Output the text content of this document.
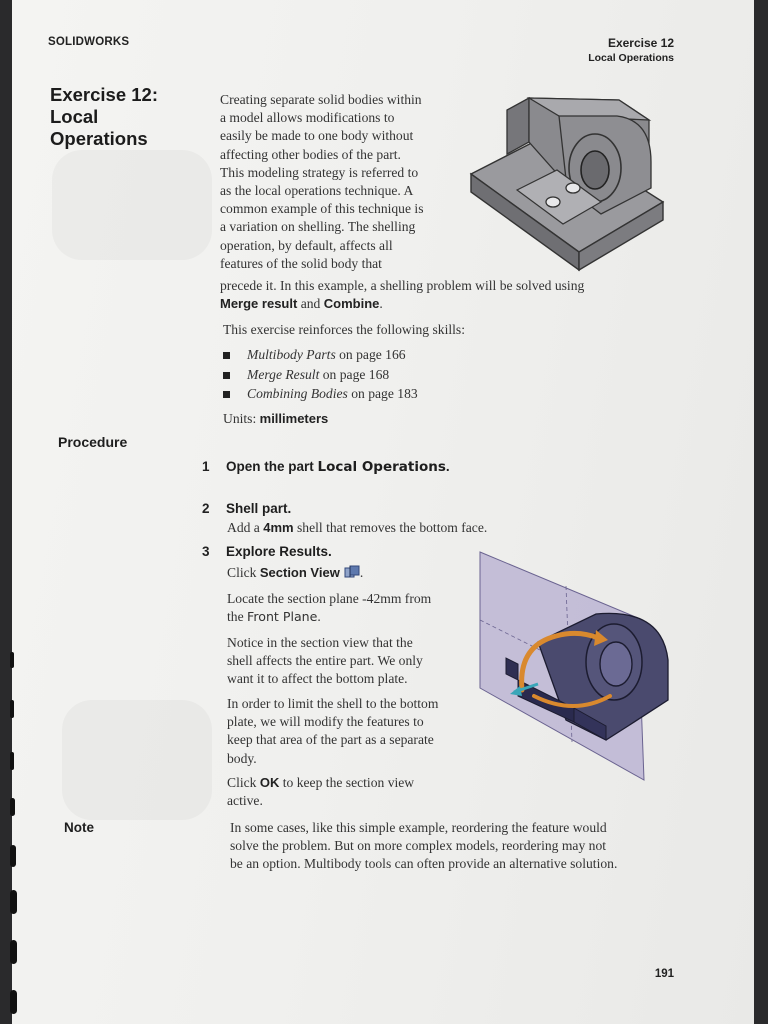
SOLIDWORKS	Exercise 12
Local Operations
Exercise 12:
Local
Operations
Creating separate solid bodies within
a model allows modifications to
easily be made to one body without
affecting other bodies of the part.
This modeling strategy is referred to
as the local operations technique. A
common example of this technique is
a variation on shelling. The shelling
operation, by default, affects all
features of the solid body that
precede it. In this example, a shelling problem will be solved using
Merge result and Combine.
This exercise reinforces the following skills:
Multibody Parts on page 166
Merge Result on page 168
Combining Bodies on page 183
Units: millimeters
Procedure
1 Open the part Local Operations.
2 Shell part.
Add a 4mm shell that removes the bottom face.
3 Explore Results.
Click Section View .
Locate the section plane -42mm from
the Front Plane.
Notice in the section view that the
shell affects the entire part. We only
want it to affect the bottom plate.
In order to limit the shell to the bottom
plate, we will modify the features to
keep that area of the part as a separate
body.
Click OK to keep the section view
active.
Note	In some cases, like this simple example, reordering the feature would
solve the problem. But on more complex models, reordering may not
be an option. Multibody tools can often provide an alternative solution.
191
